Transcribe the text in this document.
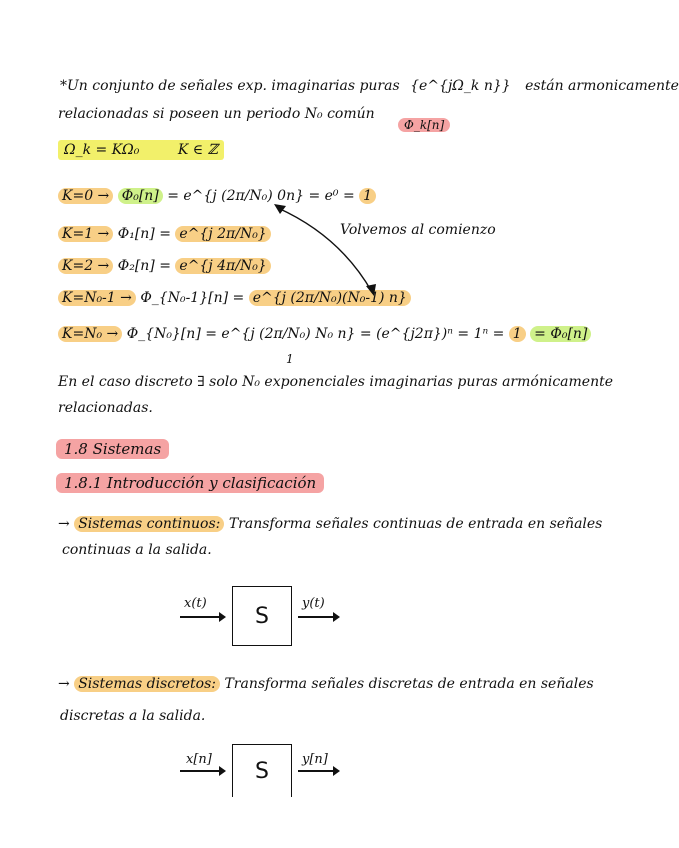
*Un conjunto de señales exp. imaginarias puras {e^{jΩ_k n}} están armonicamente
relacionadas si poseen un periodo N₀ común
Φ_k[n]
Ω_k = KΩ₀	K ∈ ℤ
K=0 → Φ₀[n] = e^{j (2π/N₀) 0n} = e⁰ = 1
K=1 → Φ₁[n] = e^{j 2π/N₀}
K=2 → Φ₂[n] = e^{j 4π/N₀}
K=N₀-1 → Φ_{N₀-1}[n] = e^{j (2π/N₀)(N₀-1) n}
K=N₀ → Φ_{N₀}[n] = e^{j (2π/N₀) N₀ n} = (e^{j2π})ⁿ = 1ⁿ = 1 = Φ₀[n]
1
Volvemos al comienzo
En el caso discreto ∃ solo N₀ exponenciales imaginarias puras armónicamente
relacionadas.
1.8 Sistemas
1.8.1 Introducción y clasificación
→ Sistemas continuos: Transforma señales continuas de entrada en señales
continuas a la salida.
x(t) S	y(t)
→ Sistemas discretos: Transforma señales discretas de entrada en señales
discretas a la salida.
x[n] S	y[n]
